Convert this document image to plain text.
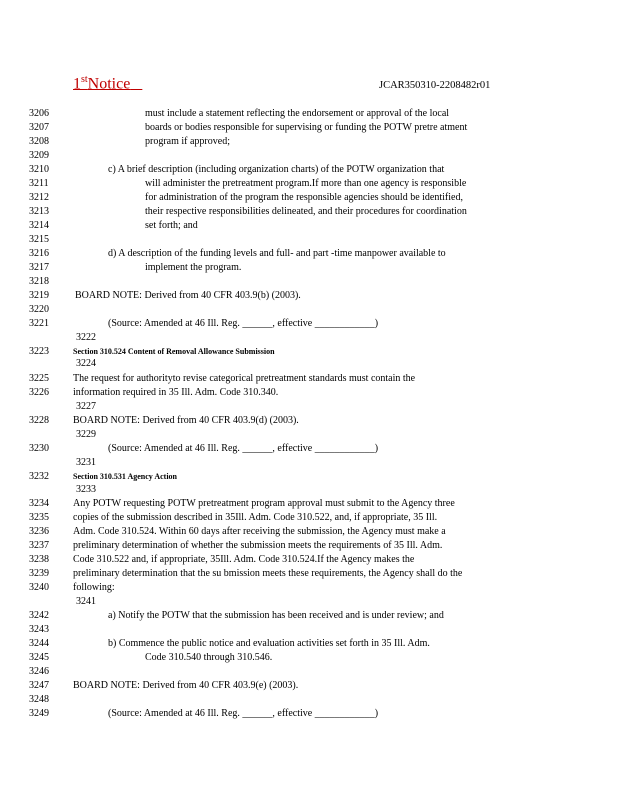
1stNotice	JCAR350310-2208482r01
3206	must include a statement reflecting the endorsement or approval of the local
3207	boards or bodies responsible for supervising or funding the POTW pretre atment
3208	program if approved;
3209
3210	c) A brief description (including organization charts) of the POTW organization that
3211	will administer the pretreatment program.If more than one agency is responsible
3212	for administration of the program the responsible agencies should be identified,
3213	their respective responsibilities delineated, and their procedures for coordination
3214	set forth; and
3215
3216	d) A description of the funding levels and full- and part -time manpower available to
3217	implement the program.
3218
3219	BOARD NOTE: Derived from 40 CFR 403.9(b) (2003).
3220
3221	(Source: Amended at 46 Ill. Reg. ______, effective ____________)
3222
3223	Section 310.524 Content of Removal Allowance Submission
3224
3225 The request for authorityto revise categorical pretreatment standards must contain the
3226 information required in 35 Ill. Adm. Code 310.340.
3227
3228 BOARD NOTE: Derived from 40 CFR 403.9(d) (2003).
3229
3230	(Source: Amended at 46 Ill. Reg. ______, effective ____________)
3231
3232	Section 310.531 Agency Action
3233
3234 Any POTW requesting POTW pretreatment program approval must submit to the Agency three
3235 copies of the submission described in 35Ill. Adm. Code 310.522, and, if appropriate, 35 Ill.
3236 Adm. Code 310.524. Within 60 days after receiving the submission, the Agency must make a
3237 preliminary determination of whether the submission meets the requirements of 35 Ill. Adm.
3238 Code 310.522 and, if appropriate, 35Ill. Adm. Code 310.524.If the Agency makes the
3239 preliminary determination that the su bmission meets these requirements, the Agency shall do the
3240 following:
3241
3242	a) Notify the POTW that the submission has been received and is under review; and
3243
3244	b) Commence the public notice and evaluation activities set forth in 35 Ill. Adm.
3245	Code 310.540 through 310.546.
3246
3247 BOARD NOTE: Derived from 40 CFR 403.9(e) (2003).
3248
3249	(Source: Amended at 46 Ill. Reg. ______, effective ____________)
